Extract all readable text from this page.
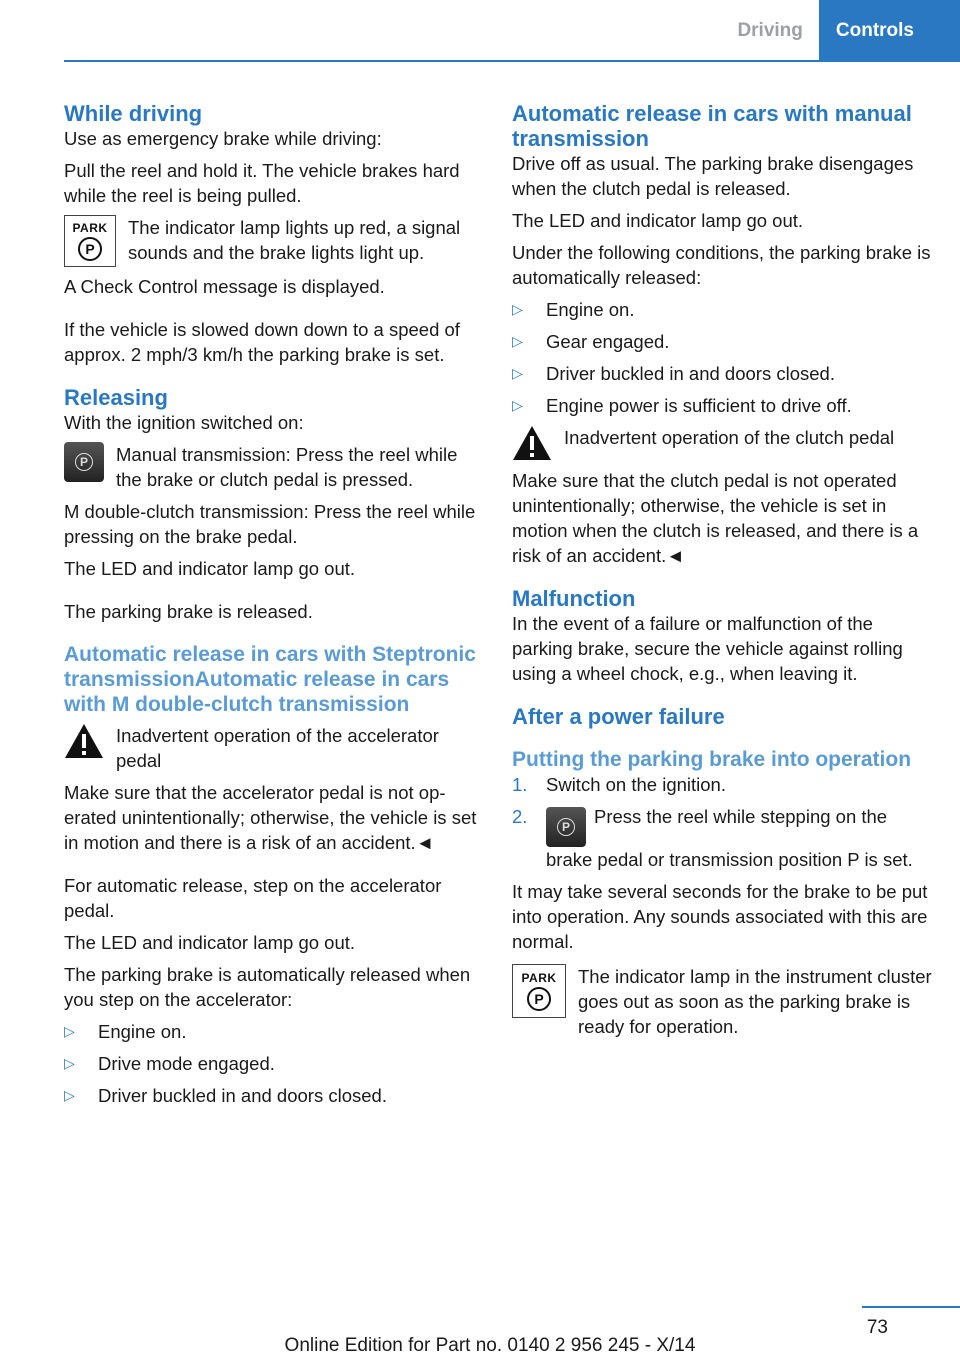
Driving	Controls
While driving

Use as emergency brake while driving:

Pull the reel and hold it. The vehicle brakes hard while the reel is being pulled.

PARK
P
The indicator lamp lights up red, a signal sounds and the brake lights light up.

A Check Control message is displayed.

If the vehicle is slowed down down to a speed of approx. 2 mph/3 km/h the parking brake is set.

Releasing

With the ignition switched on:

P Manual transmission: Press the reel while the brake or clutch pedal is pressed.

M double-clutch transmission: Press the reel while pressing on the brake pedal.

The LED and indicator lamp go out.

The parking brake is released.

Automatic release in cars with Steptronic transmissionAutomatic release in cars with M double-clutch transmission
Inadvertent operation of the accelerator pedal

Make sure that the accelerator pedal is not operated unintentionally; otherwise, the vehicle is set in motion and there is a risk of an accident.◄

For automatic release, step on the accelerator pedal.

The LED and indicator lamp go out.

The parking brake is automatically released when you step on the accelerator:

▷	Engine on.
▷	Drive mode engaged.
▷	Driver buckled in and doors closed.
Automatic release in cars with manual transmission

Drive off as usual. The parking brake disengages when the clutch pedal is released.

The LED and indicator lamp go out.

Under the following conditions, the parking brake is automatically released:

▷	Engine on.
▷	Gear engaged.
▷	Driver buckled in and doors closed.
▷	Engine power is sufficient to drive off.
Inadvertent operation of the clutch pedal

Make sure that the clutch pedal is not operated unintentionally; otherwise, the vehicle is set in motion when the clutch is released, and there is a risk of an accident.◄

Malfunction

In the event of a failure or malfunction of the parking brake, secure the vehicle against rolling using a wheel chock, e.g., when leaving it.

After a power failure
Putting the parking brake into operation
1.	Switch on the ignition.
2.	P Press the reel while stepping on the brake pedal or transmission position P is set.

It may take several seconds for the brake to be put into operation. Any sounds associated with this are normal.

PARK
P
The indicator lamp in the instrument cluster goes out as soon as the parking brake is ready for operation.
73
Online Edition for Part no. 0140 2 956 245 - X/14
